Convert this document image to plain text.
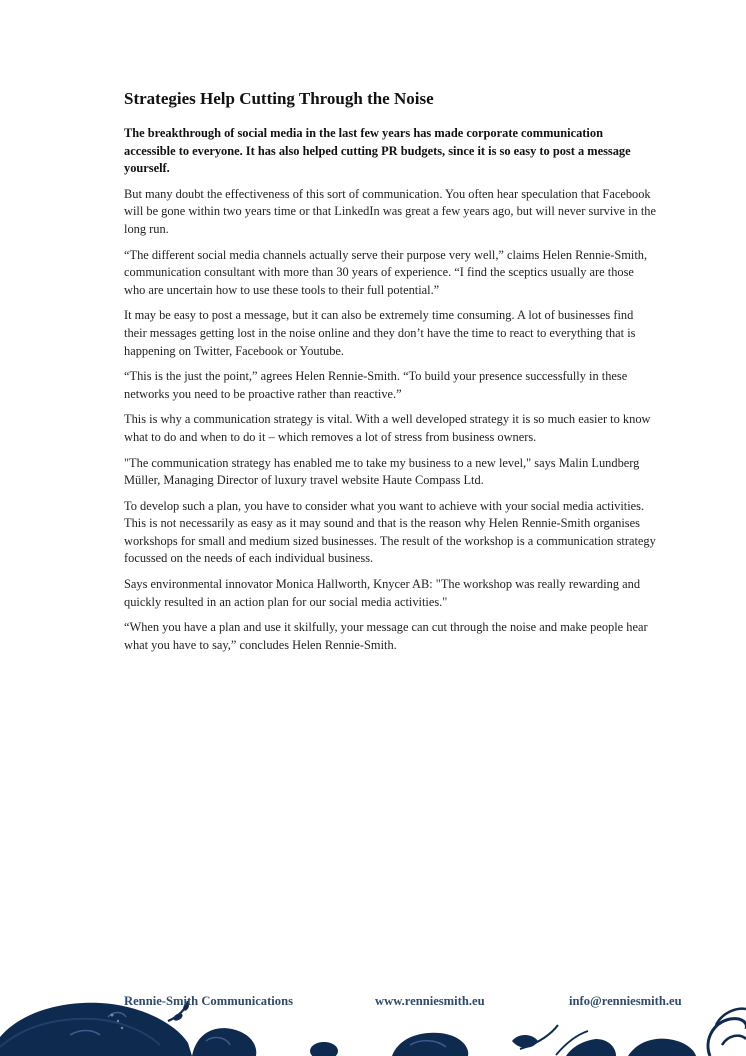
Strategies Help Cutting Through the Noise

The breakthrough of social media in the last few years has made corporate communication accessible to everyone. It has also helped cutting PR budgets, since it is so easy to post a message yourself.

But many doubt the effectiveness of this sort of communication. You often hear speculation that Facebook will be gone within two years time or that LinkedIn was great a few years ago, but will never survive in the long run.

“The different social media channels actually serve their purpose very well,” claims Helen Rennie-Smith, communication consultant with more than 30 years of experience. “I find the sceptics usually are those who are uncertain how to use these tools to their full potential.”

It may be easy to post a message, but it can also be extremely time consuming. A lot of businesses find their messages getting lost in the noise online and they don’t have the time to react to everything that is happening on Twitter, Facebook or Youtube.

“This is the just the point,” agrees Helen Rennie-Smith. “To build your presence successfully in these networks you need to be proactive rather than reactive.”

This is why a communication strategy is vital. With a well developed strategy it is so much easier to know what to do and when to do it – which removes a lot of stress from business owners.

"The communication strategy has enabled me to take my business to a new level," says Malin Lundberg Müller, Managing Director of luxury travel website Haute Compass Ltd.

To develop such a plan, you have to consider what you want to achieve with your social media activities. This is not necessarily as easy as it may sound and that is the reason why Helen Rennie-Smith organises workshops for small and medium sized businesses. The result of the workshop is a communication strategy focussed on the needs of each individual business.

Says environmental innovator Monica Hallworth, Knycer AB: "The workshop was really rewarding and quickly resulted in an action plan for our social media activities."

“When you have a plan and use it skilfully, your message can cut through the noise and make people hear what you have to say,” concludes Helen Rennie-Smith.

Rennie-Smith Communications	www.renniesmith.eu	info@renniesmith.eu
